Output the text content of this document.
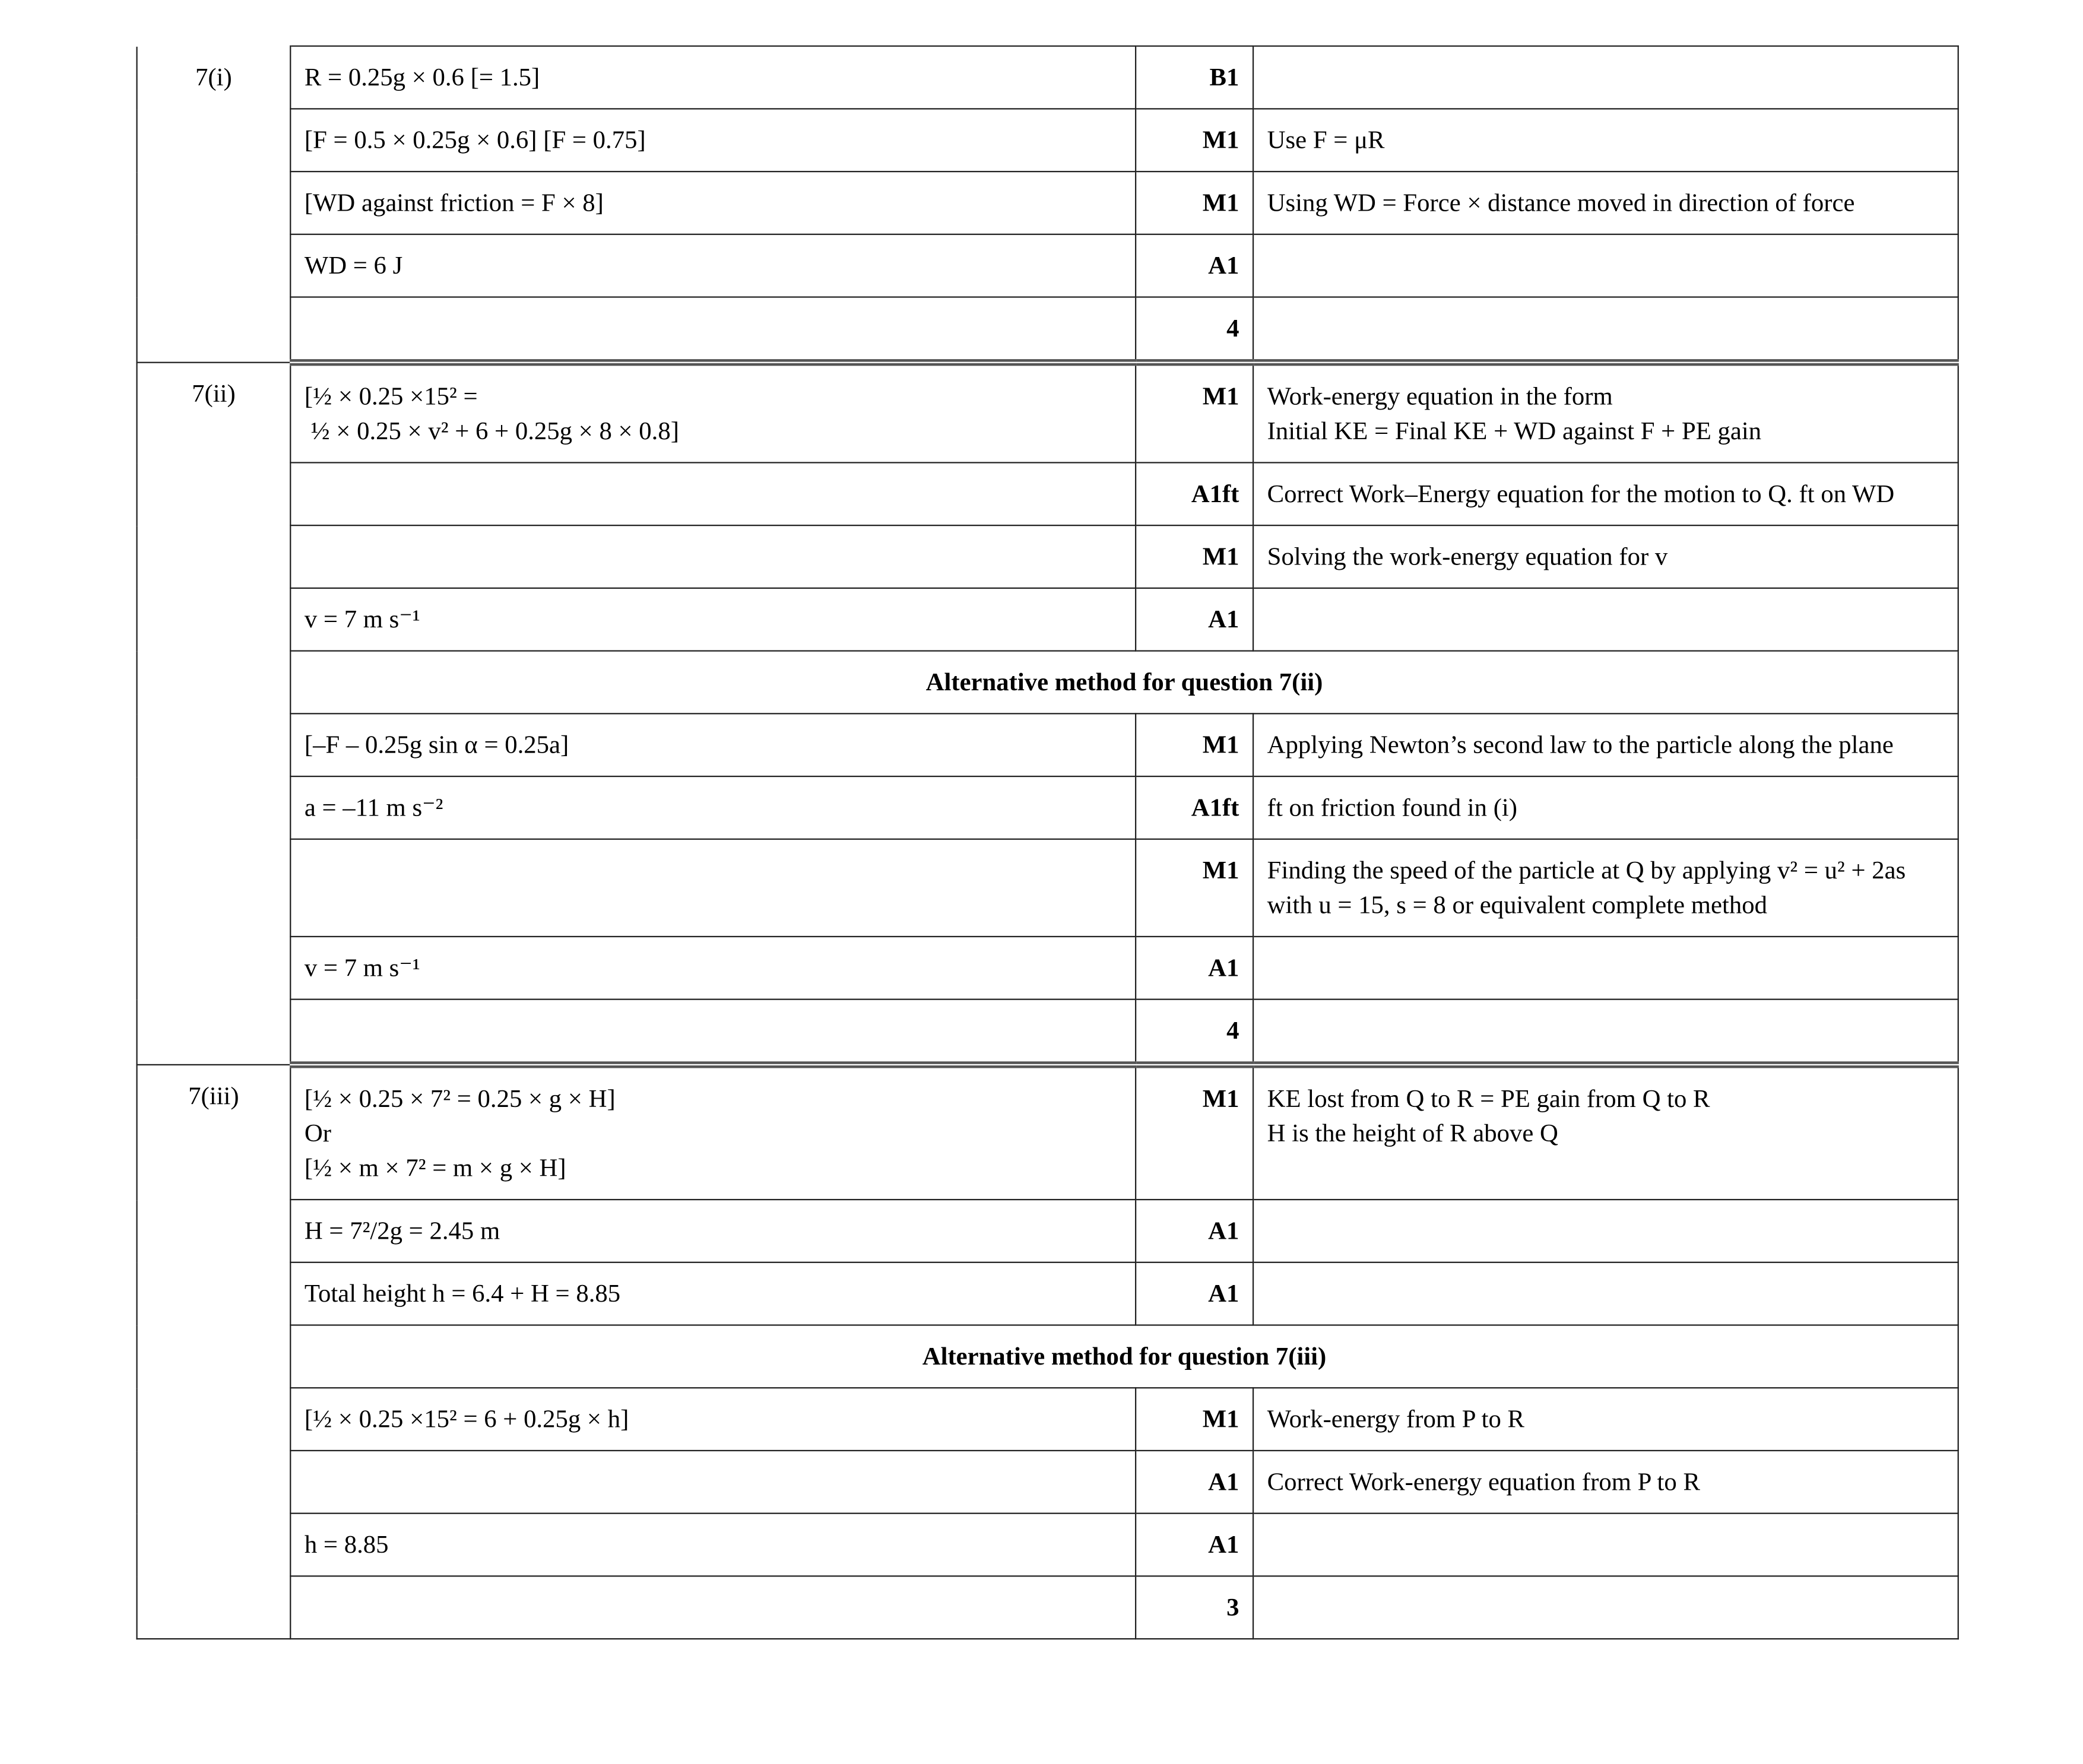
7(i)	R = 0.25g × 0.6 [= 1.5]	B1	
	[F = 0.5 × 0.25g × 0.6] [F = 0.75]	M1	Use F = μR
	[WD against friction = F × 8]	M1	Using WD = Force × distance moved in direction of force
	WD = 6 J	A1	
		4	
7(ii)	[½ × 0.25 ×15² =
½ × 0.25 × v² + 6 + 0.25g × 8 × 0.8]	M1	Work-energy equation in the form
Initial KE = Final KE + WD against F + PE gain
		A1ft	Correct Work–Energy equation for the motion to Q. ft on WD
		M1	Solving the work-energy equation for v
	v = 7 m s⁻¹	A1	
	Alternative method for question 7(ii)		
	[–F – 0.25g sin α = 0.25a]	M1	Applying Newton’s second law to the particle along the plane
	a = –11 m s⁻²	A1ft	ft on friction found in (i)
		M1	Finding the speed of the particle at Q by applying v² = u² + 2as with u = 15, s = 8 or equivalent complete method
	v = 7 m s⁻¹	A1	
		4	
7(iii)	[½ × 0.25 × 7² = 0.25 × g × H]
Or
[½ × m × 7² = m × g × H]	M1	KE lost from Q to R = PE gain from Q to R
H is the height of R above Q
	H = 7²/2g = 2.45 m	A1	
	Total height h = 6.4 + H = 8.85	A1	
	Alternative method for question 7(iii)		
	[½ × 0.25 ×15² = 6 + 0.25g × h]	M1	Work-energy from P to R
		A1	Correct Work-energy equation from P to R
	h = 8.85	A1	
		3	
